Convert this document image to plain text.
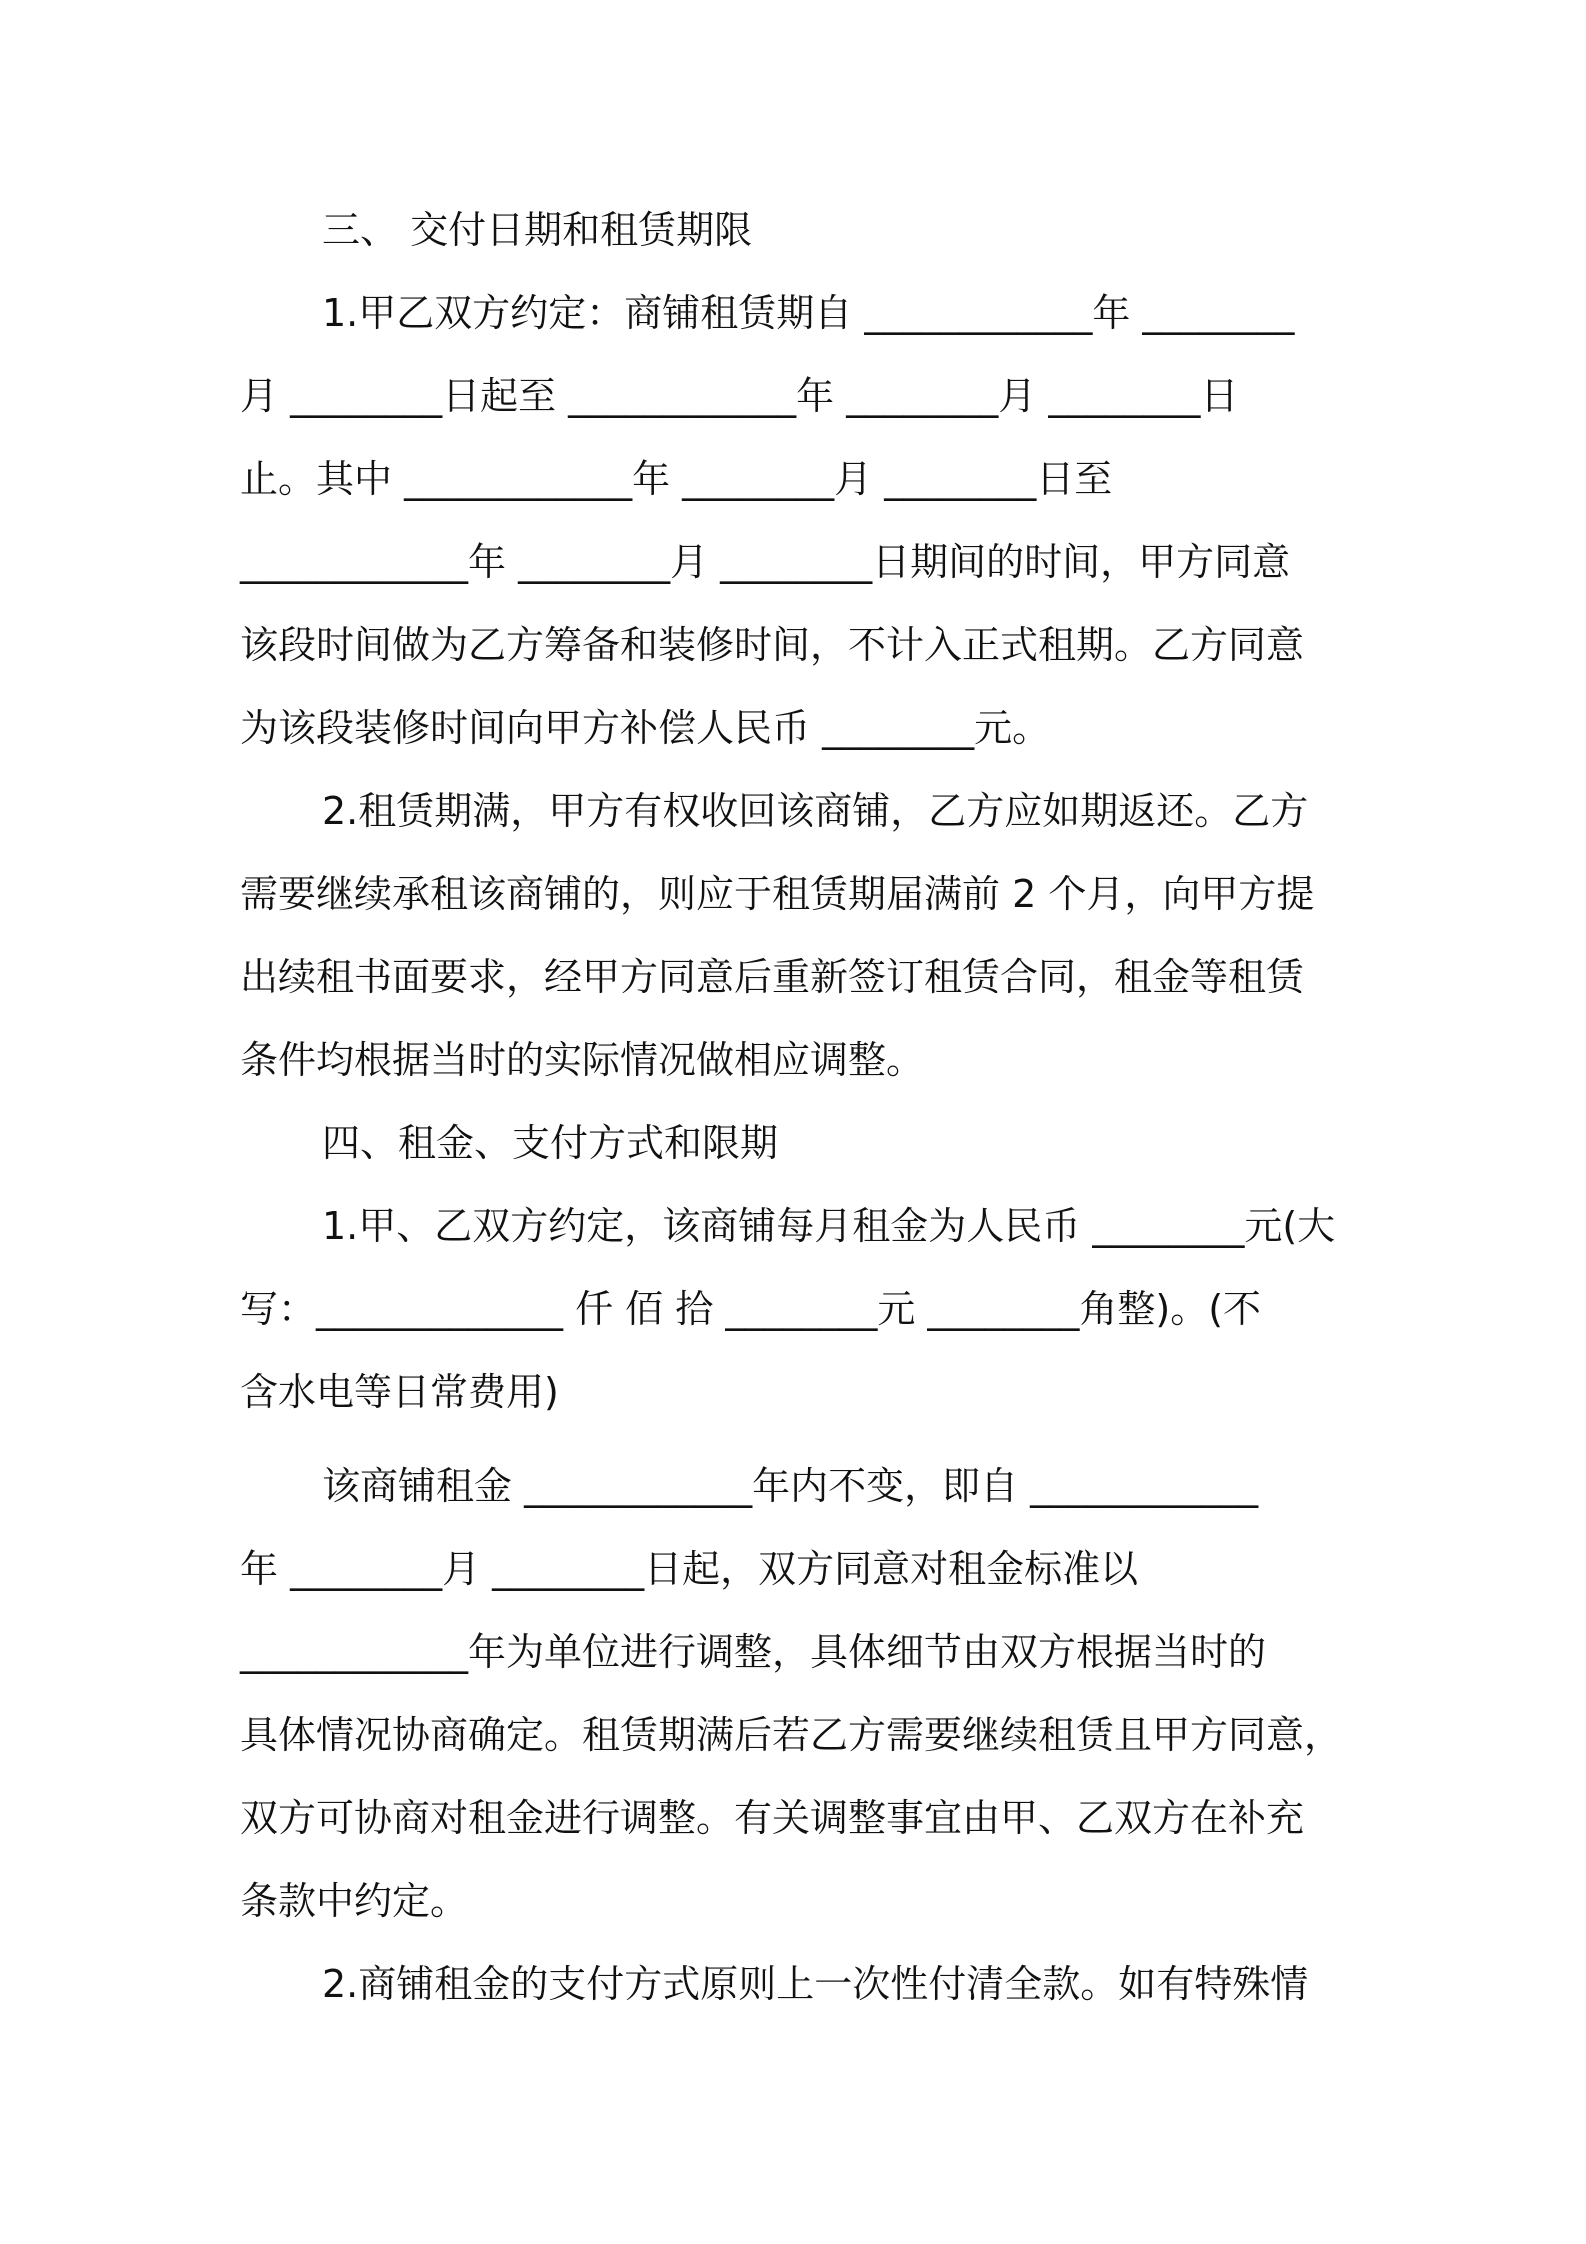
三、 交付日期和租赁期限
1.甲乙双方约定：商铺租赁期自 ____________年 ________
月 ________日起至 ____________年 ________月 ________日
止。其中 ____________年 ________月 ________日至
____________年 ________月 ________日期间的时间，甲方同意
该段时间做为乙方筹备和装修时间，不计入正式租期。乙方同意
为该段装修时间向甲方补偿人民币 ________元。
2.租赁期满，甲方有权收回该商铺，乙方应如期返还。乙方
需要继续承租该商铺的，则应于租赁期届满前 2 个月，向甲方提
出续租书面要求，经甲方同意后重新签订租赁合同，租金等租赁
条件均根据当时的实际情况做相应调整。
四、租金、支付方式和限期
1.甲、乙双方约定，该商铺每月租金为人民币 ________元(大
写：_____________ 仟 佰 拾 ________元 ________角整)。(不
含水电等日常费用)
该商铺租金 ____________年内不变，即自 ____________
年 ________月 ________日起，双方同意对租金标准以
____________年为单位进行调整，具体细节由双方根据当时的
具体情况协商确定。租赁期满后若乙方需要继续租赁且甲方同意，
双方可协商对租金进行调整。有关调整事宜由甲、乙双方在补充
条款中约定。
2.商铺租金的支付方式原则上一次性付清全款。如有特殊情
